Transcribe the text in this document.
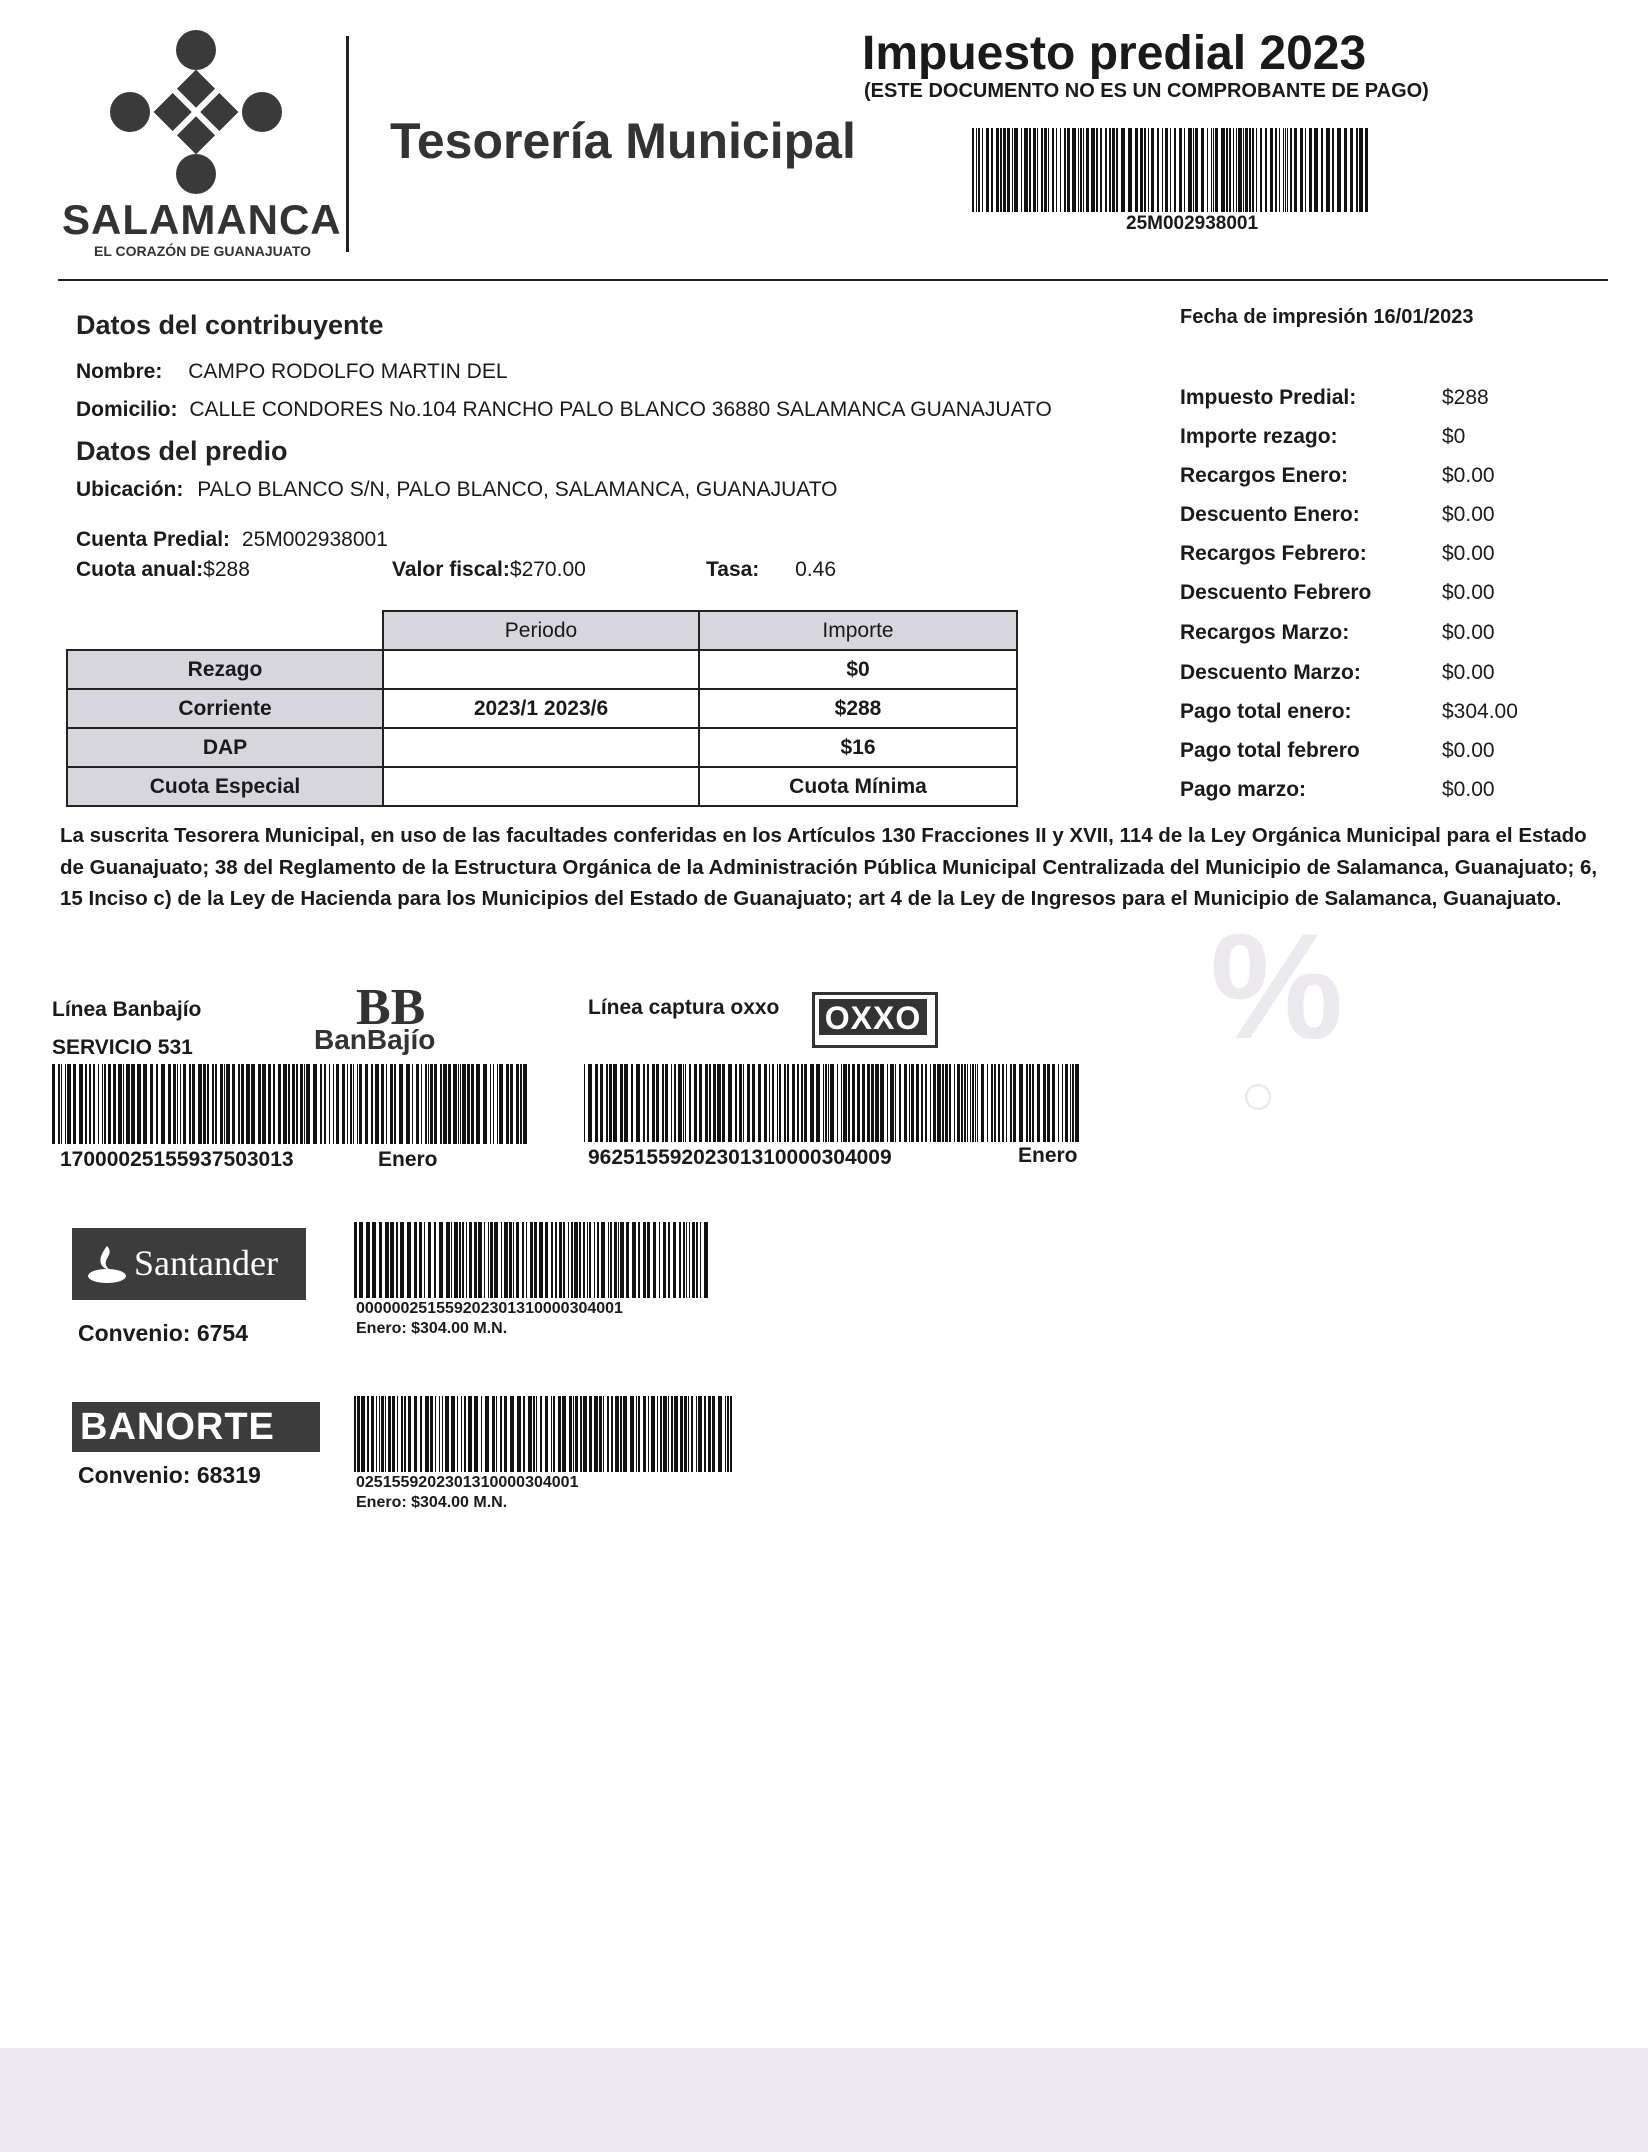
%
○
SALAMANCA
EL CORAZÓN DE GUANAJUATO
Tesorería Municipal
Impuesto predial 2023
(ESTE DOCUMENTO NO ES UN COMPROBANTE DE PAGO)
25M002938001
Datos del contribuyente
Nombre: CAMPO RODOLFO MARTIN DEL
Domicilio: CALLE CONDORES No.104 RANCHO PALO BLANCO 36880 SALAMANCA GUANAJUATO
Fecha de impresión 16/01/2023
Datos del predio
Ubicación: PALO BLANCO S/N, PALO BLANCO, SALAMANCA, GUANAJUATO
Cuenta Predial: 25M002938001
Cuota anual:$288	Valor fiscal:$270.00	Tasa: 0.46
	Periodo	Importe
Rezago		$0
Corriente	2023/1 2023/6	$288
DAP		$16
Cuota Especial		Cuota Mínima
Impuesto Predial:	$288
Importe rezago:	$0
Recargos Enero:	$0.00
Descuento Enero:	$0.00
Recargos Febrero:	$0.00
Descuento Febrero	$0.00
Recargos Marzo:	$0.00
Descuento Marzo:	$0.00
Pago total enero:	$304.00
Pago total febrero	$0.00
Pago marzo:	$0.00
La suscrita Tesorera Municipal, en uso de las facultades conferidas en los Artículos 130 Fracciones II y XVII, 114 de la Ley Orgánica Municipal para el Estado de Guanajuato; 38 del Reglamento de la Estructura Orgánica de la Administración Pública Municipal Centralizada del Municipio de Salamanca, Guanajuato; 6, 15 Inciso c) de la Ley de Hacienda para los Municipios del Estado de Guanajuato; art 4 de la Ley de Ingresos para el Municipio de Salamanca, Guanajuato.
Línea Banbajío
SERVICIO 531
BB
BanBajío
17000025155937503013	Enero
Línea captura oxxo OXXO
96251559202301310000304009	Enero
Santander
Convenio: 6754
000000251559202301310000304001
Enero: $304.00 M.N.
BANORTE
Convenio: 68319	0251559202301310000304001
Enero: $304.00 M.N.
